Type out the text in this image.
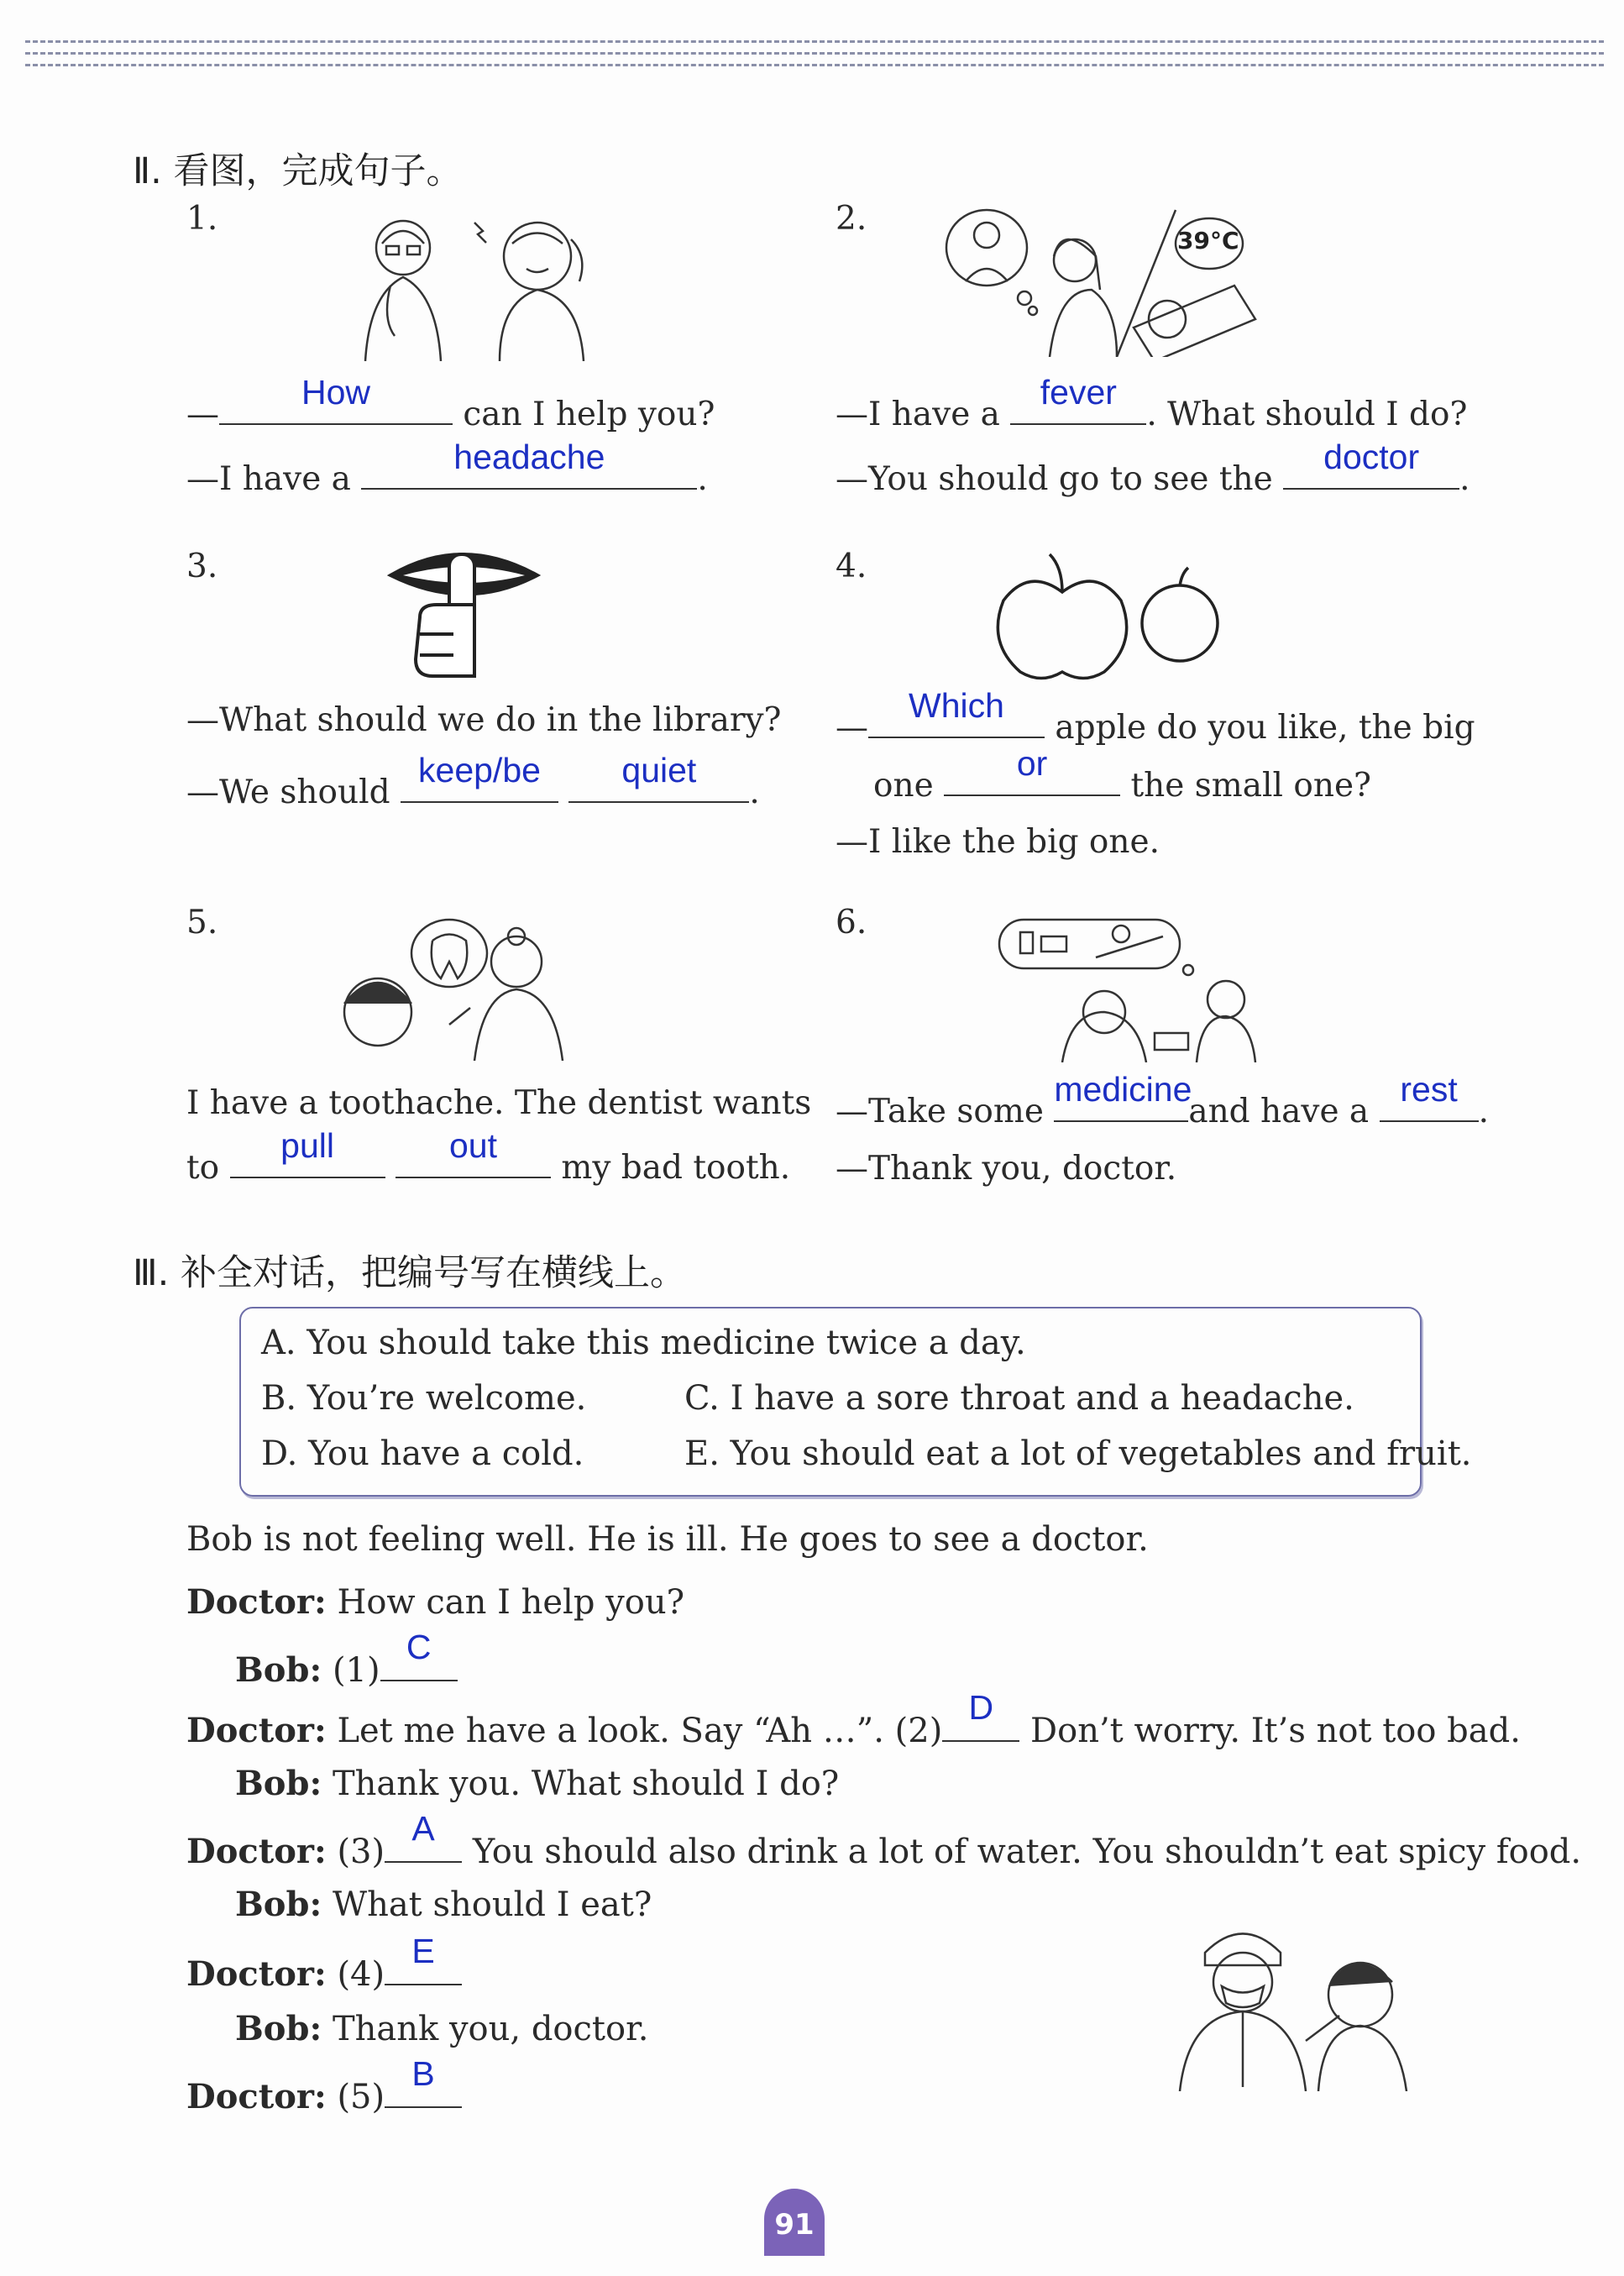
Ⅱ. 看图，完成句子。
1.
—
How
can I help you?
—I have a
headache
.
2.
39°C
—I have a
fever
. What should I do?
—You should go to see the
doctor
.
3.
—What should we do in the library?
—We should
keep/be
	quiet
.
4.
—
Which
apple do you like, the big
one
or
the small one?
—I like the big one.
5.
I have a toothache. The dentist wants
to
pull
	out
my bad tooth.
6.
—Take some
medicine
and have a
rest
.
—Thank you, doctor.
Ⅲ. 补全对话，把编号写在横线上。
A. You should take this medicine twice a day.
B. You’re welcome.	C. I have a sore throat and a headache.
D. You have a cold.	E. You should eat a lot of vegetables and fruit.
Bob is not feeling well. He is ill. He goes to see a doctor.
Doctor: How can I help you?
Bob: (1)
C
Doctor: Let me have a look. Say “Ah …”. (2)
D
Don’t worry. It’s not too bad.
Bob: Thank you. What should I do?
Doctor: (3)
A
You should also drink a lot of water. You shouldn’t eat spicy food.
Bob: What should I eat?
Doctor: (4)
E
Bob: Thank you, doctor.
Doctor: (5)
B
91
